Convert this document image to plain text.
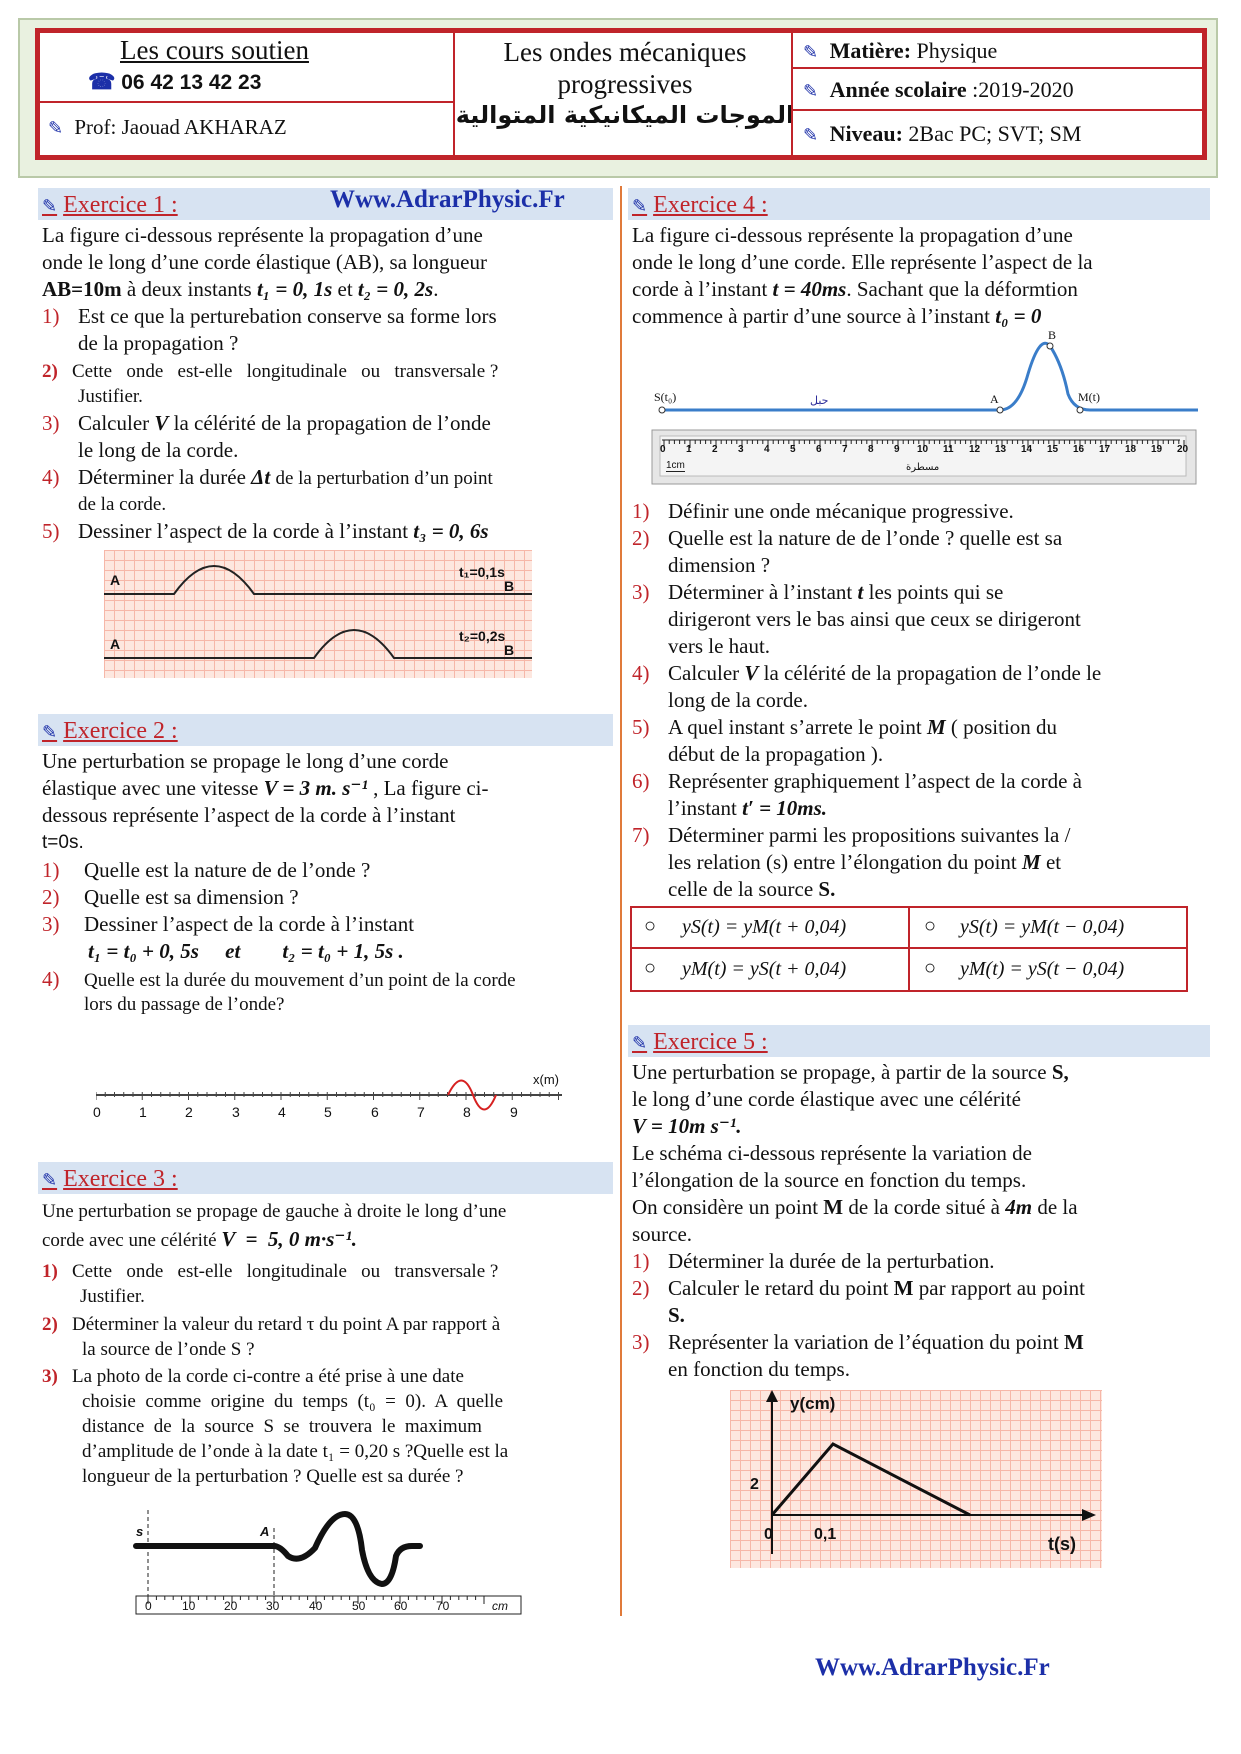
Les cours soutien
☎ 06 42 13 42 23
✎ Prof: Jaouad AKHARAZ
Les ondes mécaniques
progressives
الموجات الميكانيكية المتوالية
✎ Matière: Physique
✎ Année scolaire :2019-2020
✎ Niveau: 2Bac PC; SVT; SM
✎ Exercice 1 :	Www.AdrarPhysic.Fr
La figure ci-dessous représente la propagation d’une
onde le long d’une corde élastique (AB), sa longueur
AB=10m à deux instants t₁ = 0, 1s et t₂ = 0, 2s.
1) Est ce que la perturebation conserve sa forme lors
de la propagation ?
2) Cette   onde   est-elle   longitudinale   ou   transversale ?
Justifier.
3) Calculer V la célérité de la propagation de l’onde
le long de la corde.
4) Déterminer la durée Δt de la perturbation d’un point
de la corde.
5) Dessiner l’aspect de la corde à l’instant t₃ = 0, 6s
A
A
t₁=0,1s
B
t₂=0,2s
B
✎ Exercice 2 :
Une perturbation se propage le long d’une corde
élastique avec une vitesse V = 3 m. s⁻¹ , La figure ci-
dessous représente l’aspect de la corde à l’instant
t=0s.
1) Quelle est la nature de de l’onde ?
2) Quelle est sa dimension ?
3) Dessiner l’aspect de la corde à l’instant
t₁ = t₀ + 0, 5s     et        t₂ = t₀ + 1, 5s .
4) Quelle est la durée du mouvement d’un point de la corde
lors du passage de l’onde?
x(m)
0	1	2	3	4	5	6	7	8	9
✎ Exercice 3 :
Une perturbation se propage de gauche à droite le long d’une
corde avec une célérité V  =  5, 0 m·s⁻¹.
1) Cette   onde   est-elle   longitudinale   ou   transversale ?
Justifier.
2) Déterminer la valeur du retard τ du point A par rapport à
la source de l’onde S ?
3) La photo de la corde ci-contre a été prise à une date
choisie  comme  origine  du  temps  (t₀  =  0).  A  quelle
distance  de  la  source  S  se  trouvera  le  maximum
d’amplitude de l’onde à la date t₁ = 0,20 s ?Quelle est la
longueur de la perturbation ? Quelle est sa durée ?
s	A
0	10 20 30 40 50 60 70	cm
✎ Exercice 4 :
La figure ci-dessous représente la propagation d’une
onde le long d’une corde. Elle représente l’aspect de la
corde à l’instant t = 40ms. Sachant que la déformtion
commence à partir d’une source à l’instant t₀ = 0
S(t₀)	حبل	A
B
M(t)
0 1 2 3 4 5 6 7 8 9 10 11 12 13 14 15 16 17 18 19 20
1cm	مسطرة
1) Définir une onde mécanique progressive.
2) Quelle est la nature de de l’onde ? quelle est sa
dimension ?
3) Déterminer à l’instant t les points qui se
dirigeront vers le bas ainsi que ceux se dirigeront
vers le haut.
4) Calculer V la célérité de la propagation de l’onde le
long de la corde.
5) A quel instant s’arrete le point M ( position du
début de la propagation ).
6) Représenter graphiquement l’aspect de la corde à
l’instant t′ = 10ms.
7) Déterminer parmi les propositions suivantes la /
les relation (s) entre l’élongation du point M et
celle de la source S.
○ yS(t) = yM(t + 0,04)	○ yS(t) = yM(t − 0,04)
○ yM(t) = yS(t + 0,04)	○ yM(t) = yS(t − 0,04)
✎ Exercice 5 :
Une perturbation se propage, à partir de la source S,
le long d’une corde élastique avec une célérité
V = 10m s⁻¹.
Le schéma ci-dessous représente la variation de
l’élongation de la source en fonction du temps.
On considère un point M de la corde situé à 4m de la
source.
1) Déterminer la durée de la perturbation.
2) Calculer le retard du point M par rapport au point
S.
3) Représenter la variation de l’équation du point M
en fonction du temps.
y(cm)
t(s)
2
0	0,1
Www.AdrarPhysic.Fr
